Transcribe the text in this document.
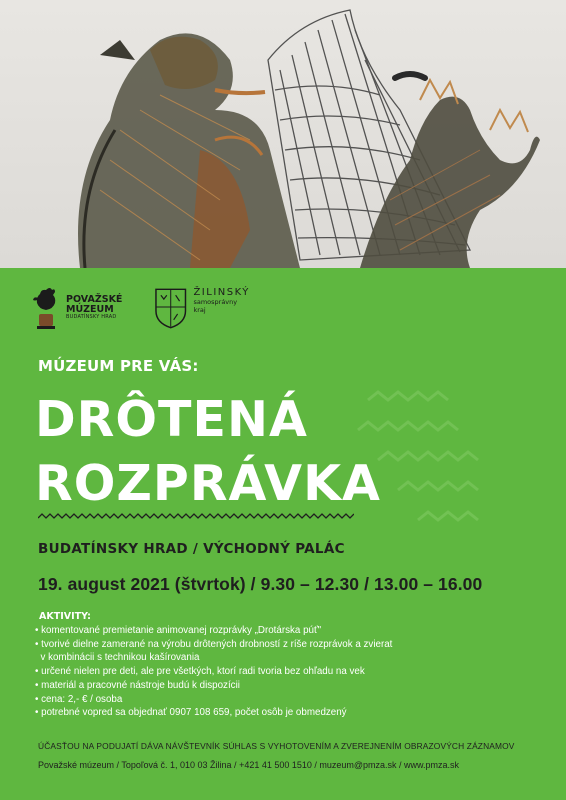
POVAŽSKÉ
MÚZEUM
BUDATÍNSKY HRAD
ŽILINSKÝ
samosprávny kraj
MÚZEUM PRE VÁS:
DRÔTENÁ
ROZPRÁVKA
BUDATÍNSKY HRAD / VÝCHODNÝ PALÁC
19. august 2021 (štvrtok) / 9.30 – 12.30 / 13.00 – 16.00
AKTIVITY:
• komentované premietanie animovanej rozprávky „Drotárska púť"
• tvorivé dielne zamerané na výrobu drôtených drobností z ríše rozprávok a zvierat
v kombinácii s technikou kašírovania
• určené nielen pre deti, ale pre všetkých, ktorí radi tvoria bez ohľadu na vek
• materiál a pracovné nástroje budú k dispozícii
• cena: 2,- € / osoba
• potrebné vopred sa objednať 0907 108 659, počet osôb je obmedzený
ÚČASŤOU NA PODUJATÍ DÁVA NÁVŠTEVNÍK SÚHLAS S VYHOTOVENÍM A ZVEREJNENÍM OBRAZOVÝCH ZÁZNAMOV
Považské múzeum / Topoľová č. 1, 010 03 Žilina / +421 41 500 1510 / muzeum@pmza.sk / www.pmza.sk
